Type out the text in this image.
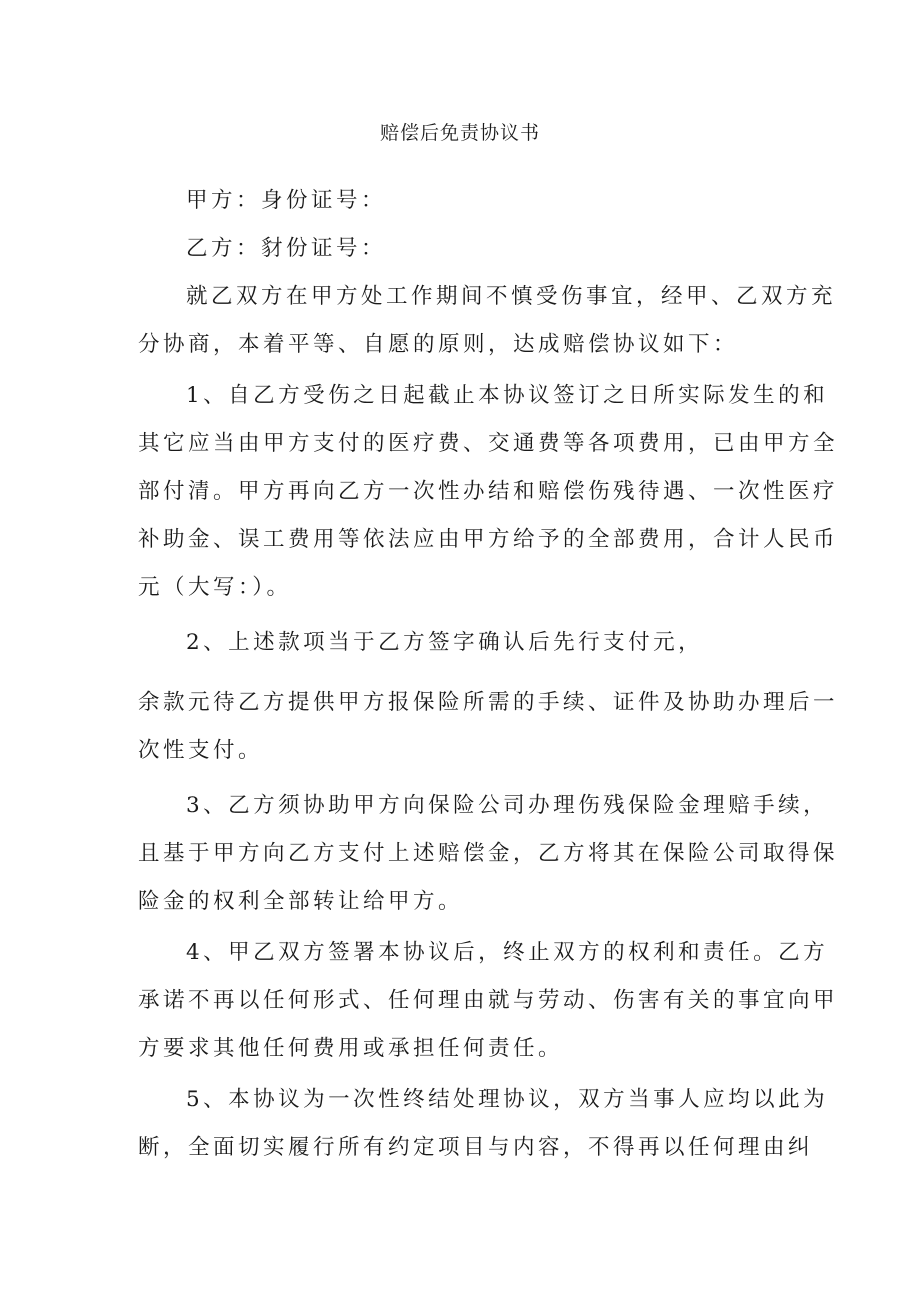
赔偿后免责协议书
甲方：身份证号：
乙方：豺份证号：
就乙双方在甲方处工作期间不慎受伤事宜，经甲、乙双方充
分协商，本着平等、自愿的原则，达成赔偿协议如下：
1、自乙方受伤之日起截止本协议签订之日所实际发生的和
其它应当由甲方支付的医疗费、交通费等各项费用，已由甲方全
部付清。甲方再向乙方一次性办结和赔偿伤残待遇、一次性医疗
补助金、误工费用等依法应由甲方给予的全部费用，合计人民币
元（大写：）。
2、上述款项当于乙方签字确认后先行支付元，
余款元待乙方提供甲方报保险所需的手续、证件及协助办理后一
次性支付。
3、乙方须协助甲方向保险公司办理伤残保险金理赔手续，
且基于甲方向乙方支付上述赔偿金，乙方将其在保险公司取得保
险金的权利全部转让给甲方。
4、甲乙双方签署本协议后，终止双方的权利和责任。乙方
承诺不再以任何形式、任何理由就与劳动、伤害有关的事宜向甲
方要求其他任何费用或承担任何责任。
5、本协议为一次性终结处理协议，双方当事人应均以此为
断，全面切实履行所有约定项目与内容，不得再以任何理由纠
